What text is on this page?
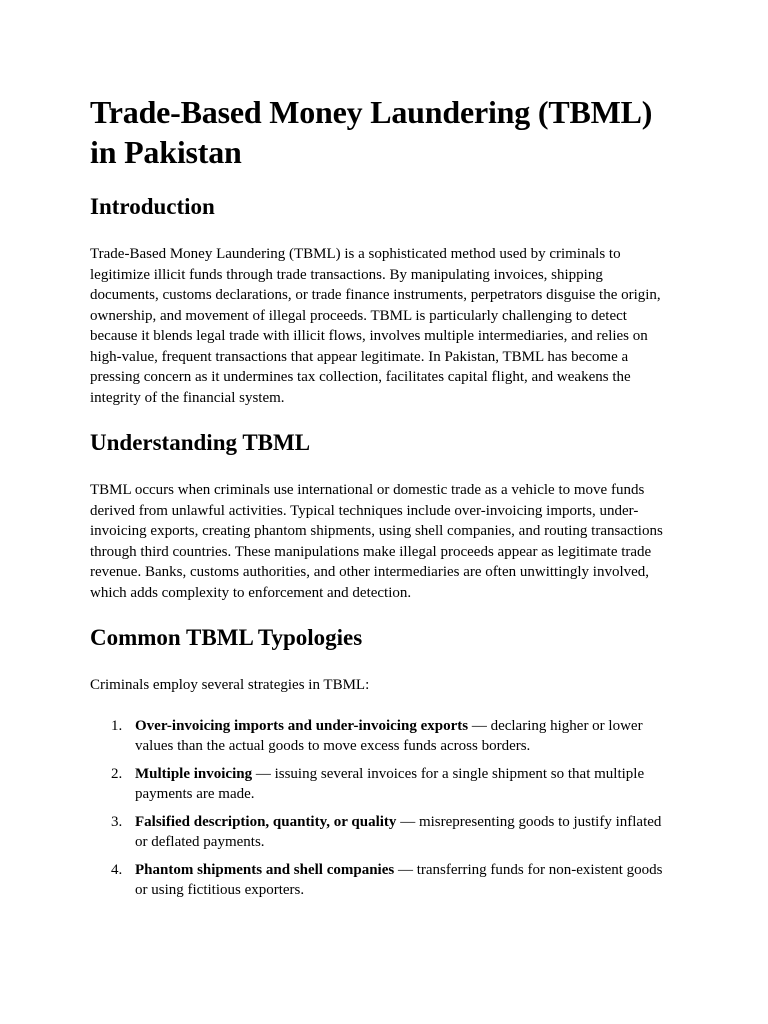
Trade-Based Money Laundering (TBML) in Pakistan
Introduction

Trade-Based Money Laundering (TBML) is a sophisticated method used by criminals to legitimize illicit funds through trade transactions. By manipulating invoices, shipping documents, customs declarations, or trade finance instruments, perpetrators disguise the origin, ownership, and movement of illegal proceeds. TBML is particularly challenging to detect because it blends legal trade with illicit flows, involves multiple intermediaries, and relies on high-value, frequent transactions that appear legitimate. In Pakistan, TBML has become a pressing concern as it undermines tax collection, facilitates capital flight, and weakens the integrity of the financial system.

Understanding TBML

TBML occurs when criminals use international or domestic trade as a vehicle to move funds derived from unlawful activities. Typical techniques include over-invoicing imports, under-invoicing exports, creating phantom shipments, using shell companies, and routing transactions through third countries. These manipulations make illegal proceeds appear as legitimate trade revenue. Banks, customs authorities, and other intermediaries are often unwittingly involved, which adds complexity to enforcement and detection.

Common TBML Typologies

Criminals employ several strategies in TBML:

1. Over-invoicing imports and under-invoicing exports — declaring higher or lower values than the actual goods to move excess funds across borders.
2. Multiple invoicing — issuing several invoices for a single shipment so that multiple payments are made.
3. Falsified description, quantity, or quality — misrepresenting goods to justify inflated or deflated payments.
4. Phantom shipments and shell companies — transferring funds for non-existent goods or using fictitious exporters.
